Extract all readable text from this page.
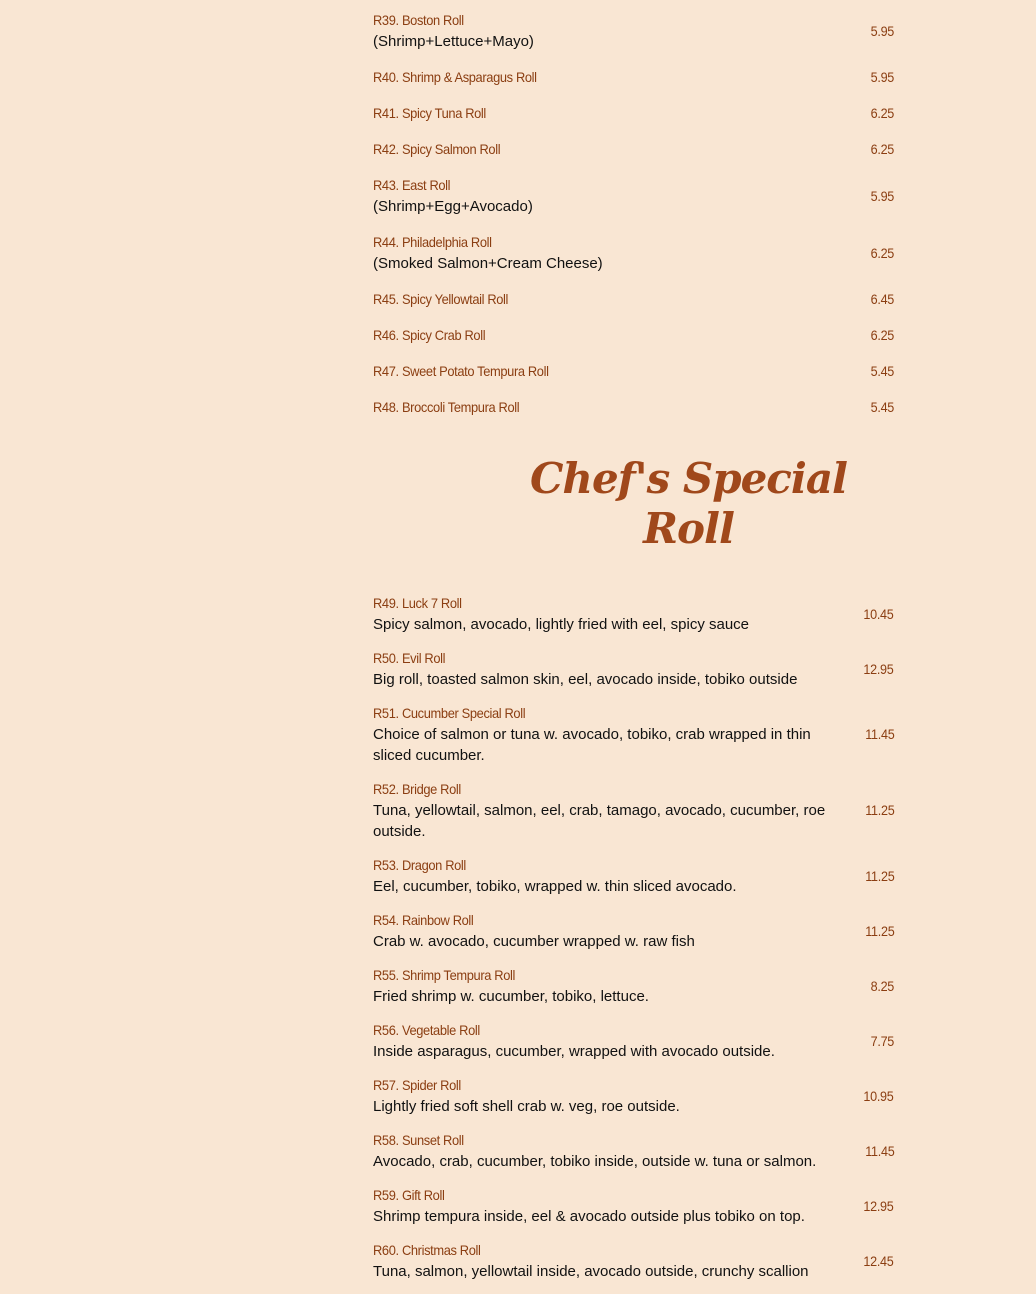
R39. Boston Roll
(Shrimp+Lettuce+Mayo)
5.95
R40. Shrimp & Asparagus Roll	5.95
R41. Spicy Tuna Roll	6.25
R42. Spicy Salmon Roll	6.25
R43. East Roll
(Shrimp+Egg+Avocado)
5.95
R44. Philadelphia Roll
(Smoked Salmon+Cream Cheese)
6.25
R45. Spicy Yellowtail Roll	6.45
R46. Spicy Crab Roll	6.25
R47. Sweet Potato Tempura Roll	5.45
R48. Broccoli Tempura Roll	5.45
Chef's Special Roll
R49. Luck 7 Roll
Spicy salmon, avocado, lightly fried with eel, spicy sauce
10.45
R50. Evil Roll
Big roll, toasted salmon skin, eel, avocado inside, tobiko outside
12.95
R51. Cucumber Special Roll
Choice of salmon or tuna w. avocado, tobiko, crab wrapped in thin sliced cucumber.
11.45
R52. Bridge Roll
Tuna, yellowtail, salmon, eel, crab, tamago, avocado, cucumber, roe outside.
11.25
R53. Dragon Roll
Eel, cucumber, tobiko, wrapped w. thin sliced avocado.
11.25
R54. Rainbow Roll
Crab w. avocado, cucumber wrapped w. raw fish
11.25
R55. Shrimp Tempura Roll
Fried shrimp w. cucumber, tobiko, lettuce.
8.25
R56. Vegetable Roll
Inside asparagus, cucumber, wrapped with avocado outside.
7.75
R57. Spider Roll
Lightly fried soft shell crab w. veg, roe outside.
10.95
R58. Sunset Roll
Avocado, crab, cucumber, tobiko inside, outside w. tuna or salmon.
11.45
R59. Gift Roll
Shrimp tempura inside, eel & avocado outside plus tobiko on top.
12.95
R60. Christmas Roll
Tuna, salmon, yellowtail inside, avocado outside, crunchy scallion
12.45
